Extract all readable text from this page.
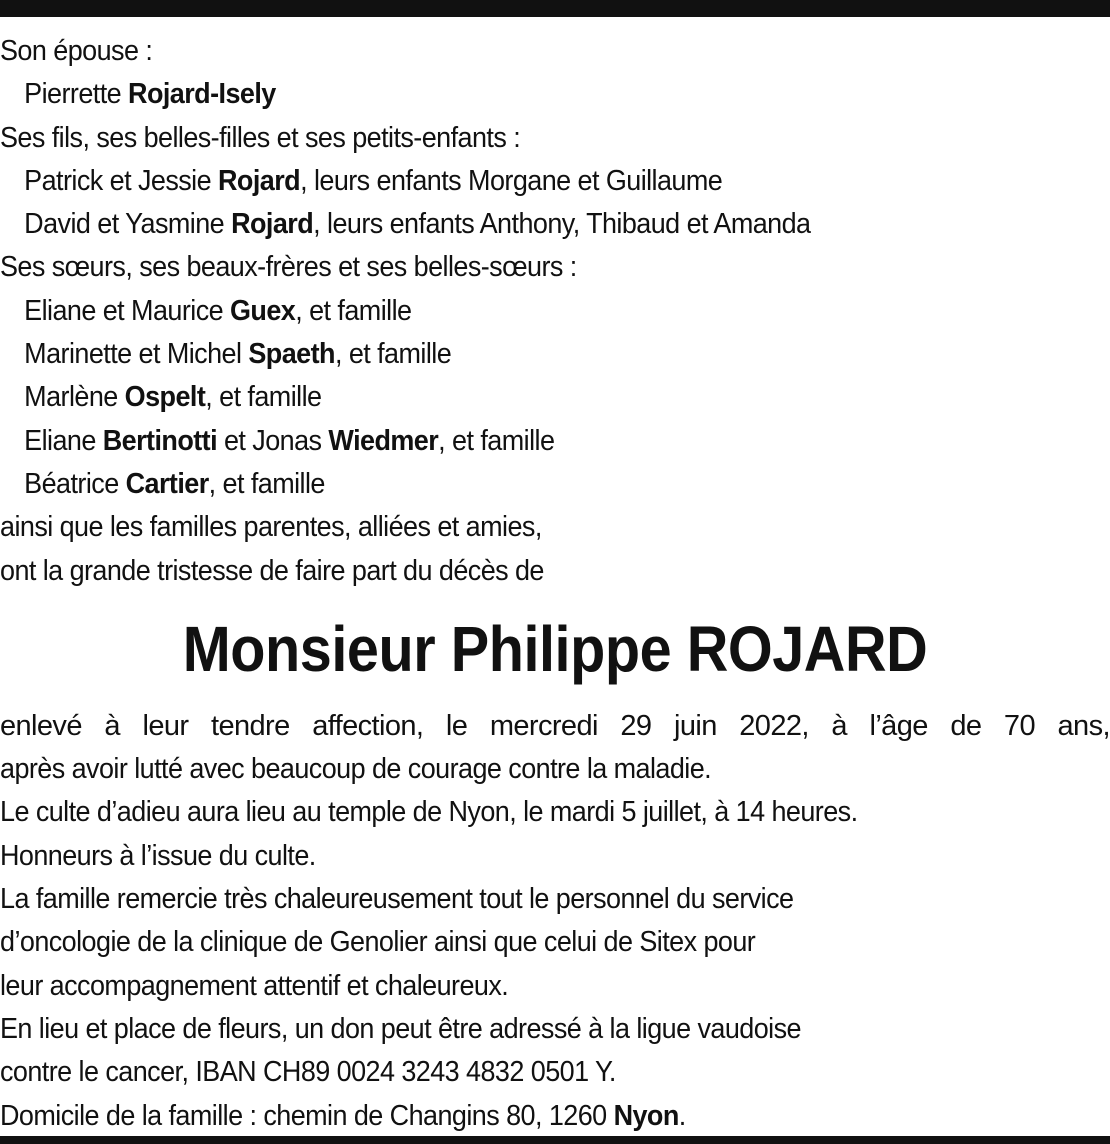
Son épouse :
Pierrette Rojard-Isely
Ses fils, ses belles-filles et ses petits-enfants :
Patrick et Jessie Rojard, leurs enfants Morgane et Guillaume
David et Yasmine Rojard, leurs enfants Anthony, Thibaud et Amanda
Ses sœurs, ses beaux-frères et ses belles-sœurs :
Eliane et Maurice Guex, et famille
Marinette et Michel Spaeth, et famille
Marlène Ospelt, et famille
Eliane Bertinotti et Jonas Wiedmer, et famille
Béatrice Cartier, et famille
ainsi que les familles parentes, alliées et amies,
ont la grande tristesse de faire part du décès de
Monsieur Philippe ROJARD
enlevé à leur tendre affection, le mercredi 29 juin 2022, à l’âge de 70 ans,
après avoir lutté avec beaucoup de courage contre la maladie.
Le culte d’adieu aura lieu au temple de Nyon, le mardi 5 juillet, à 14 heures.
Honneurs à l’issue du culte.
La famille remercie très chaleureusement tout le personnel du service
d’oncologie de la clinique de Genolier ainsi que celui de Sitex pour
leur accompagnement attentif et chaleureux.
En lieu et place de fleurs, un don peut être adressé à la ligue vaudoise
contre le cancer, IBAN CH89 0024 3243 4832 0501 Y.
Domicile de la famille : chemin de Changins 80, 1260 Nyon.
